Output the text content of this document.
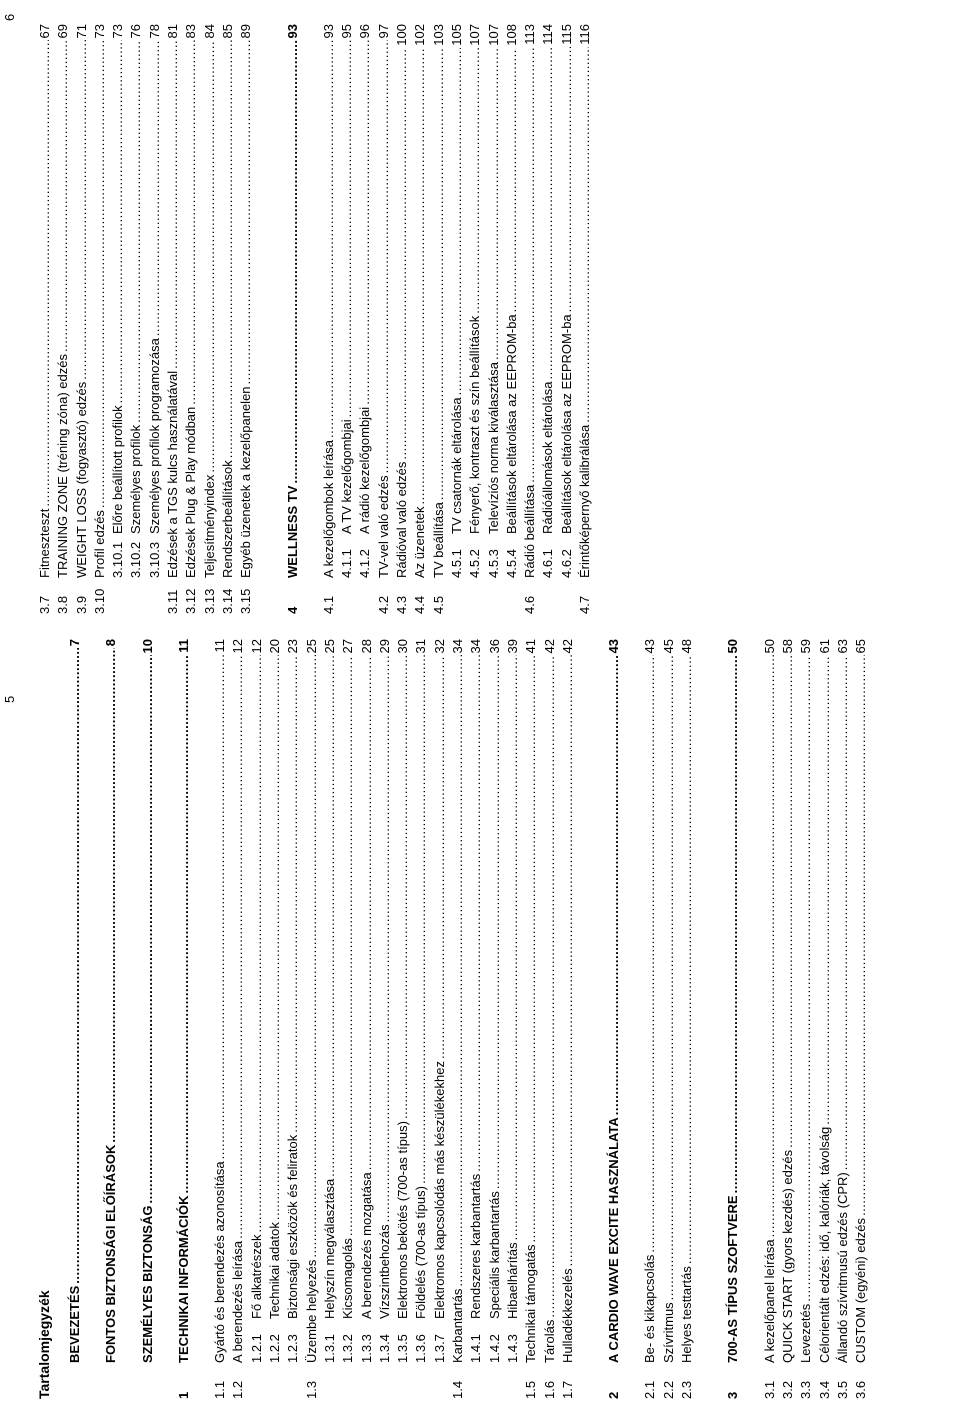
5
6
Tartalomjegyzék BEVEZETÉS
.....
7
FONTOS BIZTONSÁGI ELŐÍRÁSOK
.....
8
SZEMÉLYES BIZTONSÁG
.....
10
1
TECHNIKAI INFORMÁCIÓK
.....
11
1.1
Gyártó és berendezés azonosítása
.....
11
1.2
A berendezés leírása
.....
12
1.2.1
Fő alkatrészek
.....
12
1.2.2
Technikai adatok
.....
20
1.2.3
Biztonsági eszközök és feliratok
.....
23
1.3
Üzembe helyezés
.....
25
1.3.1
Helyszín megválasztása
.....
25
1.3.2
Kicsomagolás
.....
27
1.3.3
A berendezés mozgatása
.....
28
1.3.4
Vízszintbehozás
.....
29
1.3.5
Elektromos bekötés (700-as típus)
.....
30
1.3.6
Földelés (700-as típus)
.....
31
1.3.7
Elektromos kapcsolódás más készülékekhez
.....
32
1.4
Karbantartás
.....
34
1.4.1
Rendszeres karbantartás
.....
34
1.4.2
Speciális karbantartás
.....
36
1.4.3
Hibaelhárítás
.....
39
1.5
Technikai támogatás
.....
41
1.6
Tárolás
.....
42
1.7
Hulladékkezelés
.....
42
2
A CARDIO WAVE EXCITE HASZNÁLATA
.....
43
2.1
Be- és kikapcsolás
.....
43
2.2
Szívritmus
.....
45
2.3
Helyes testtartás
.....
48
3
700-AS TÍPUS SZOFTVERE
.....
50
3.1
A kezelőpanel leírása
.....
50
3.2
QUICK START (gyors kezdés) edzés
.....
58
3.3
Levezetés
.....
59
3.4
Célorientált edzés: idő, kalóriák, távolság
.....
61
3.5
Állandó szívritmusú edzés (CPR)
.....
63
3.6
CUSTOM (egyéni) edzés
.....
65
3.7
Fitneszteszt
.....
67
3.8
TRAINING ZONE (tréning zóna) edzés
.....
69
3.9
WEIGHT LOSS (fogyasztó) edzés
.....
71
3.10
Profil edzés
.....
73
3.10.1
Előre beállított profilok
.....
73
3.10.2
Személyes profilok
.....
76
3.10.3
Személyes profilok programozása
.....
78
3.11
Edzések a TGS kulcs használatával
.....
81
3.12
Edzések Plug & Play módban
.....
83
3.13
Teljesítményindex
.....
84
3.14
Rendszerbeállítások
.....
85
3.15
Egyéb üzenetek a kezelőpanelen
.....
89
4
WELLNESS TV
.....
93
4.1
A kezelőgombok leírása
.....
93
4.1.1
A TV kezelőgombjai
.....
95
4.1.2
A rádió kezelőgombjai
.....
96
4.2
TV-vel való edzés
.....
97
4.3
Rádióval való edzés
.....
100
4.4
Az üzenetek
.....
102
4.5
TV beállítása
.....
103
4.5.1
TV csatornák eltárolása
.....
105
4.5.2
Fényerő, kontraszt és szín beállítások
.....
107
4.5.3
Televíziós norma kiválasztása
.....
107
4.5.4
Beállítások eltárolása az EEPROM-ba
.....
108
4.6
Rádió beállítása
.....
113
4.6.1
Rádióállomások eltárolása
.....
114
4.6.2
Beállítások eltárolása az EEPROM-ba
.....
115
4.7
Érintőképernyő kalibrálása
.....
116
